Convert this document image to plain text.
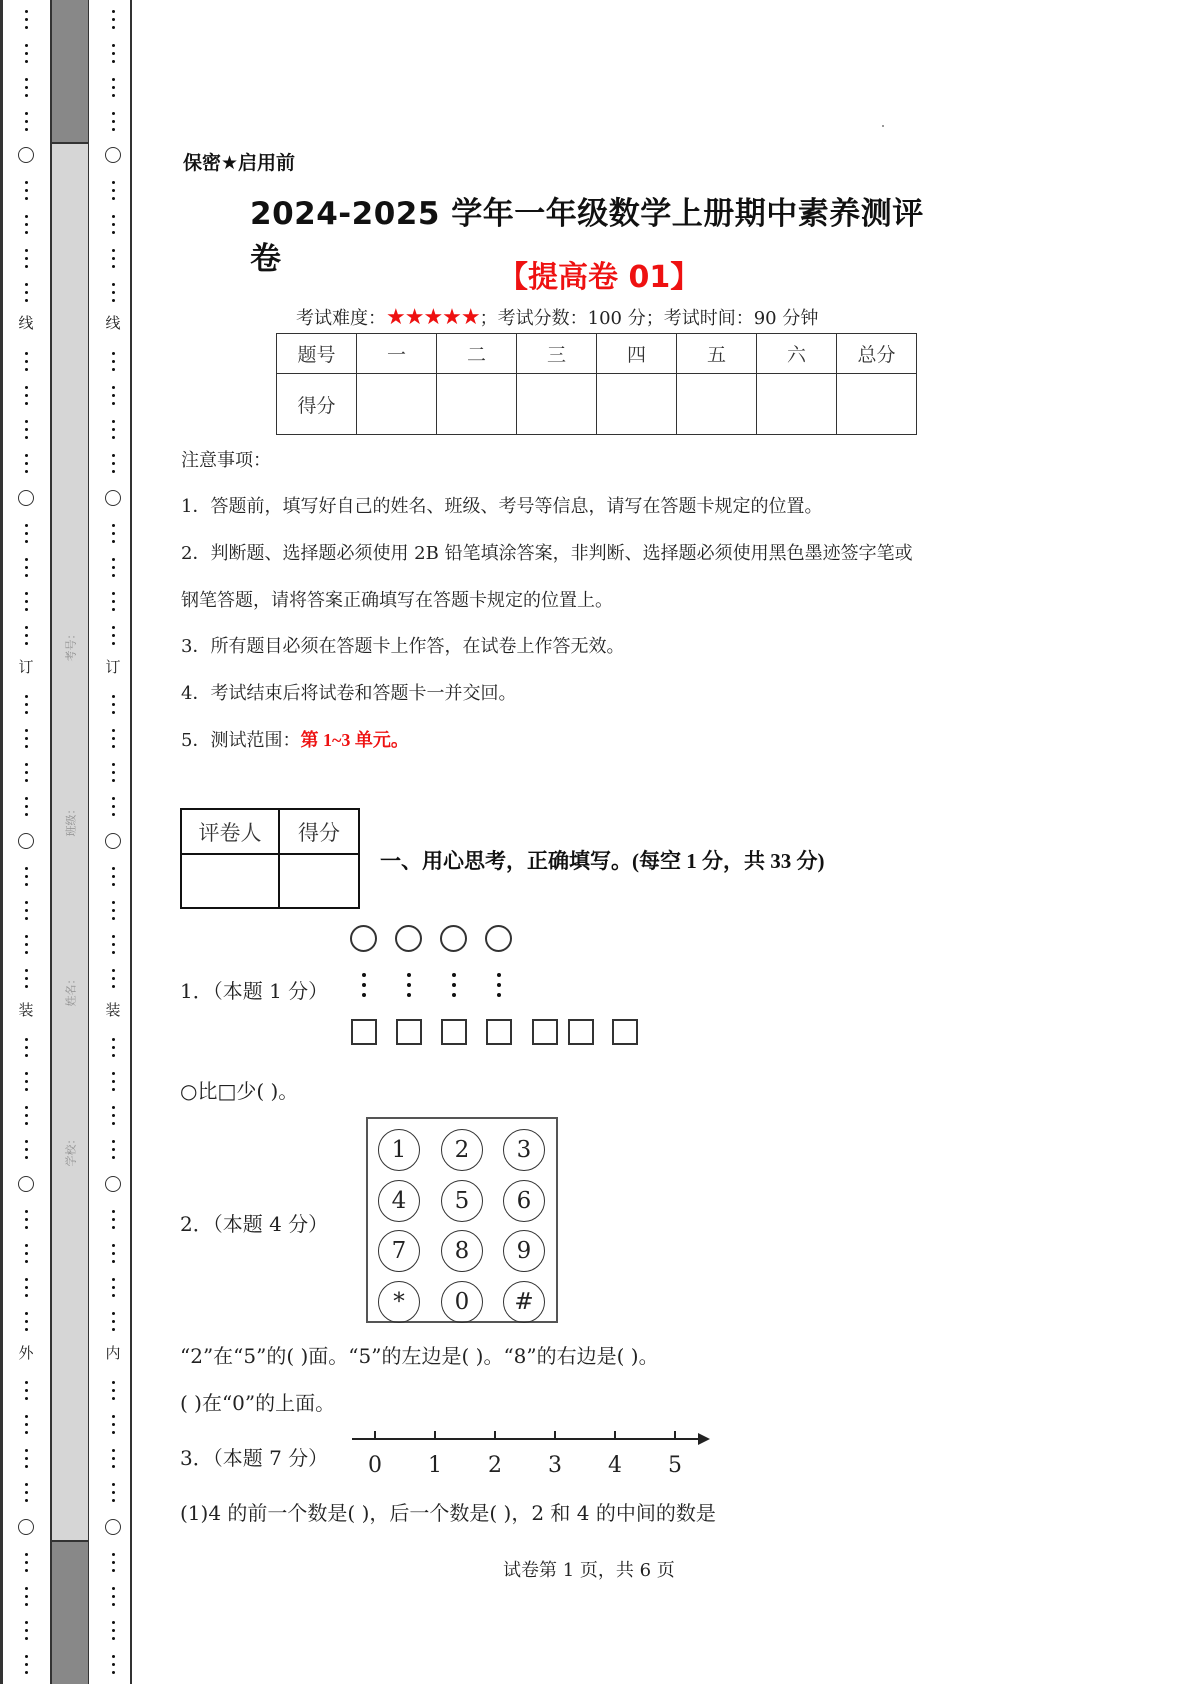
考号：
班级：
姓名：
学校：
线
订
装
外
线
订
装
内
保密★启用前
2024-2025 学年一年级数学上册期中素养测评卷
【提高卷 01】
考试难度：★★★★★；考试分数：100 分；考试时间：90 分钟
题号	一	二	三	四	五	六	总分
得分							

注意事项：

1．答题前，填写好自己的姓名、班级、考号等信息，请写在答题卡规定的位置。

2．判断题、选择题必须使用 2B 铅笔填涂答案，非判断、选择题必须使用黑色墨迹签字笔或

钢笔答题，请将答案正确填写在答题卡规定的位置上。

3．所有题目必须在答题卡上作答，在试卷上作答无效。

4．考试结束后将试卷和答题卡一并交回。

5．测试范围：第 1~3 单元。

评卷人	得分

一、用心思考，正确填写。(每空 1 分，共 33 分)
1．（本题 1 分）
○比□少( )。
2．（本题 4 分）
1	2	3
4	5	6
7	8	9
*	0	#
“2”在“5”的( )面。“5”的左边是( )。“8”的右边是( )。
( )在“0”的上面。
3．（本题 7 分） 0 1 2 3 4 5
(1)4 的前一个数是( )，后一个数是( )，2 和 4 的中间的数是
试卷第 1 页，共 6 页
